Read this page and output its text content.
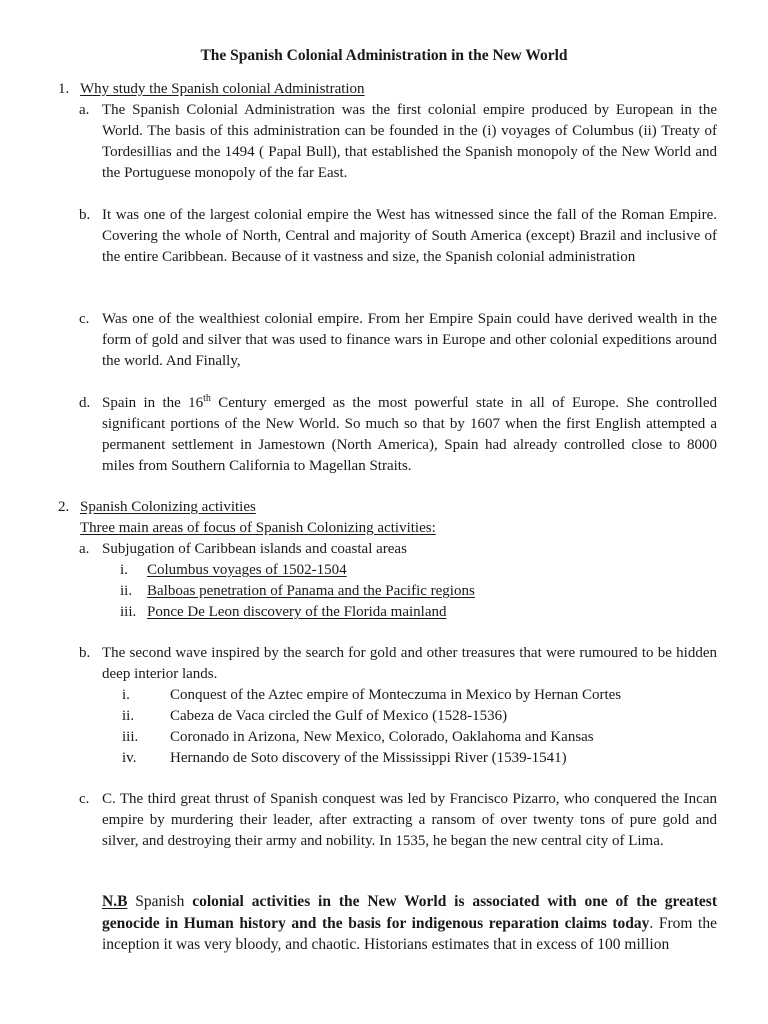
The Spanish Colonial Administration in the New World
1. Why study the Spanish colonial Administration
a. The Spanish Colonial Administration was the first colonial empire produced by European in the World. The basis of this administration can be founded in the (i) voyages of Columbus (ii) Treaty of Tordesillias and the 1494 ( Papal Bull), that established the Spanish monopoly of the New World and the Portuguese monopoly of the far East.
b. It was one of the largest colonial empire the West has witnessed since the fall of the Roman Empire. Covering the whole of North, Central and majority of South America (except) Brazil and inclusive of the entire Caribbean. Because of it vastness and size, the Spanish colonial administration
c. Was one of the wealthiest colonial empire. From her Empire Spain could have derived wealth in the form of gold and silver that was used to finance wars in Europe and other colonial expeditions around the world. And Finally,
d. Spain in the 16th Century emerged as the most powerful state in all of Europe. She controlled significant portions of the New World. So much so that by 1607 when the first English attempted a permanent settlement in Jamestown (North America), Spain had already controlled close to 8000 miles from Southern California to Magellan Straits.
2. Spanish Colonizing activities
Three main areas of focus of Spanish Colonizing activities:
a. Subjugation of Caribbean islands and coastal areas
i. Columbus voyages of 1502-1504
ii. Balboas penetration of Panama and the Pacific regions
iii. Ponce De Leon discovery of the Florida mainland
b. The second wave inspired by the search for gold and other treasures that were rumoured to be hidden deep interior lands.
i.	Conquest of the Aztec empire of Monteczuma in Mexico by Hernan Cortes
ii. Cabeza de Vaca circled the Gulf of Mexico (1528-1536)
iii. Coronado in Arizona, New Mexico, Colorado, Oaklahoma and Kansas
iv. Hernando de Soto discovery of the Mississippi River (1539-1541)
c. C. The third great thrust of Spanish conquest was led by Francisco Pizarro, who conquered the Incan empire by murdering their leader, after extracting a ransom of over twenty tons of pure gold and silver, and destroying their army and nobility. In 1535, he began the new central city of Lima.
N.B Spanish colonial activities in the New World is associated with one of the greatest genocide in Human history and the basis for indigenous reparation claims today. From the inception it was very bloody, and chaotic. Historians estimates that in excess of 100 million
